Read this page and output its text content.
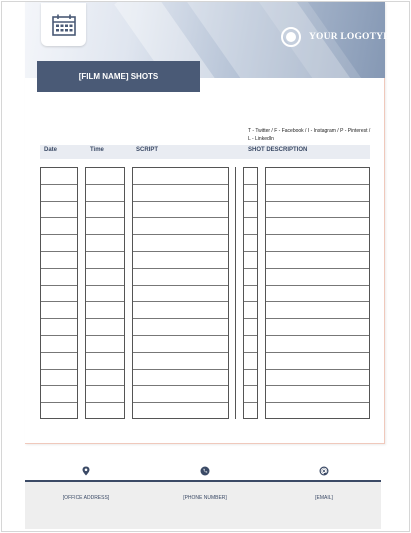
YOUR LOGOTYPE
[FILM NAME] SHOTS
T - Twitter / F - Facebook / I - Instagram / P - Pinterest / L - LinkedIn
Date	Time	SCRIPT	SHOT DESCRIPTION
[OFFICE ADDRESS]	[PHONE NUMBER]	[EMAIL]
